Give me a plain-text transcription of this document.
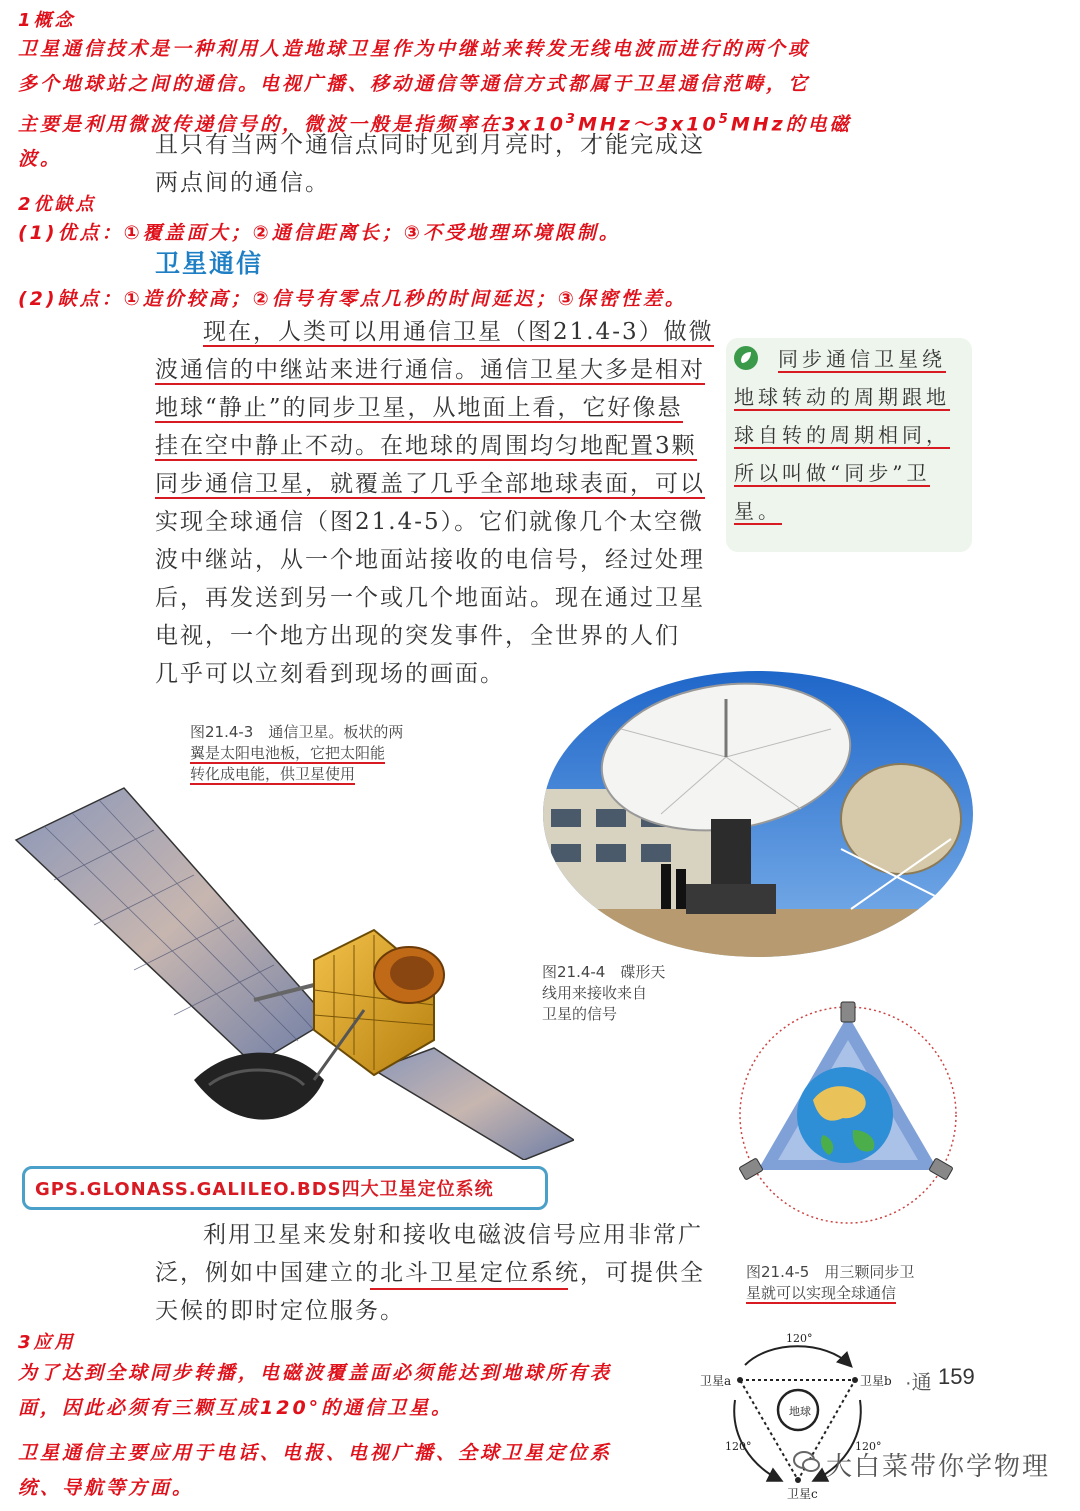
1概念
卫星通信技术是一种利用人造地球卫星作为中继站来转发无线电波而进行的两个或
多个地球站之间的通信。电视广播、移动通信等通信方式都属于卫星通信范畴，它
主要是利用微波传递信号的，微波一般是指频率在$3x10^3MHz\sim 3x10^5MHz$的电磁
波。
且只有当两个通信点同时见到月亮时，才能完成这
两点间的通信。
2优缺点
(1)优点：①覆盖面大；②通信距离长；③不受地理环境限制。
卫星通信
(2)缺点：①造价较高；②信号有零点几秒的时间延迟；③保密性差。
现在，人类可以用通信卫星（图21.4-3）做微
波通信的中继站来进行通信。通信卫星大多是相对
地球“静止”的同步卫星，从地面上看，它好像悬
挂在空中静止不动。在地球的周围均匀地配置3颗
同步通信卫星，就覆盖了几乎全部地球表面，可以
实现全球通信（图21.4-5）。它们就像几个太空微
波中继站，从一个地面站接收的电信号，经过处理
后，再发送到另一个或几个地面站。现在通过卫星
电视，一个地方出现的突发事件，全世界的人们
几乎可以立刻看到现场的画面。
同步通信卫星绕
地球转动的周期跟地
球自转的周期相同，
所以叫做“同步”卫
星。
图21.4-3　通信卫星。板状的两
翼是太阳电池板，它把太阳能
转化成电能，供卫星使用
图21.4-4　碟形天
线用来接收来自
卫星的信号
图21.4-5　用三颗同步卫
星就可以实现全球通信
GPS.GLONASS.GALILEO.BDS四大卫星定位系统
利用卫星来发射和接收电磁波信号应用非常广
泛，例如中国建立的北斗卫星定位系统，可提供全
天候的即时定位服务。
3应用
为了达到全球同步转播，电磁波覆盖面必须能达到地球所有表
面，因此必须有三颗互成120°的通信卫星。
卫星通信主要应用于电话、电报、电视广播、全球卫星定位系
统、导航等方面。
·通 159
卫星a	卫星b
卫星c
地球
120°
120°	120°
大白菜带你学物理
